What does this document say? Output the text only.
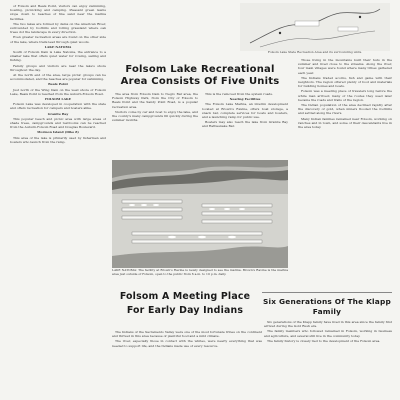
of Folsom and Beals Point, visitors can enjoy swimming, boating, picnicking and camping. Pleasant green lawns slope down to beaches of fine sand near the marina facilities.

The two lakes are formed by dams on the American River, surrounded by foothills and rolling grassland where oak trees dot the landscape in every direction.

Even greater recreation areas are found on the other side of the lake, where trails lead through quiet woods.

LAKE NATOMA

South of Folsom Dam is Lake Natoma, the entrance to a smaller lake that offers quiet water for rowing, sailing and fishing.

Family groups and visitors are near the lake's shore throughout the day.

At the north end of the area, large picnic groups can be accommodated, and the beaches are popular for swimming.

Beals Point

Just north of the Wing Dam on the west shore of Folsom Lake, Beals Point is reached from the Auburn-Folsom Road.

FOLSOM LAKE

Folsom Lake was developed in cooperation with the state and offers recreation for campers and boaters alike.

Granite Bay

This popular beach and picnic area with large areas of shade trees, campgrounds and restrooms can be reached from the Auburn-Folsom Road and Douglas Boulevard.

Mormon Island (Dike 8)

This area of the lake is primarily used by fishermen and boaters who launch from the ramp.

Folsom Lake State Recreation Area and its surrounding units.

Those living in the mountains built their huts in the summer and lived close to the streams. Along the river, four main villages were found where many tribes gathered each year.

The Indians traded acorns, fish and game with their neighbors. The region offered plenty of food and materials for building homes and boats.

Folsom was a meeting place of travelers long before the white man arrived; many of the routes they used later became the roads and trails of the region.

The Indian population of the area declined rapidly after the discovery of gold, when miners flooded the foothills and settled along the rivers.

Many Indian families remained near Folsom, working on ranches and in town, and some of their descendants live in the area today.

Folsom Lake Recreational Area Consists Of Five Units

The area from Folsom Dam to Negro Bar area, the Folsom Highway Park, from the City of Folsom to Beals Point and the Sandy Point Road, is a popular recreation area.

Visitors come by car and boat to enjoy the lake, and the county's many campgrounds fill quickly during the summer months.

This is the removed from the system roads.

Nearing Facilities

The Folsom Lake Marina, an interim development located at Brown's Ravine, offers boat storage, a snack bar, complete services for boats and boaters, and a launching ramp for public use.

Boaters may also reach the lake from Granite Bay and Rattlesnake Bar.

LAKE NATOMA: The facility at Brown's Ravine is newly designed to see the marina. Brown's Ravine is the marina area just outside of Folsom, open to the public from 6 a.m. to 10 p.m. daily.
Folsom A Meeting Place For Early Day Indians

The Indians of the Sacramento Valley were one of the most fortunate tribes on the continent and thrived in this area because of plentiful food and a mild climate.

The river, especially those in contact with the whites, were nearly everything that was needed to support life, and the Indians made use of every resource.

Six Generations Of The Klapp Family

Six generations of the Klapp family have lived in this area since the family first arrived during the Gold Rush era.

The family members who followed remained in Folsom, working in business and agriculture, and several still live in the community today.

The family history is closely tied to the development of the Folsom area.
